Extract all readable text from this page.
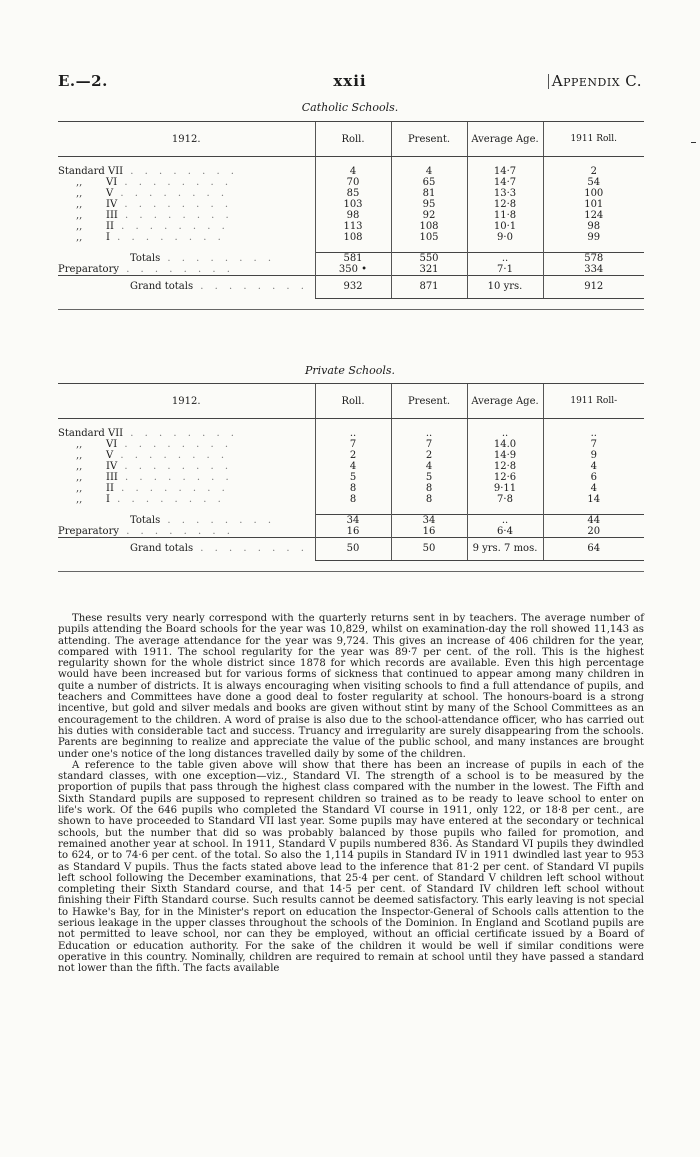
E.—2.	xxii	Appendix C.
Catholic Schools.
1912.	Roll.	Present.	Average Age.	1911 Roll.

Standard VII . . . . . . . .	4	4	14·7	2
,, VI . . . . . . . .	70	65	14·7	54
,, V . . . . . . . .	85	81	13·3	100
,, IV . . . . . . . .	103	95	12·8	101
,, III . . . . . . . .	98	92	11·8	124
,, II . . . . . . . .	113	108	10·1	98
,, I . . . . . . . .	108	105	9·0	99

Totals . . . . . . . .	581	550	..	578
Preparatory . . . . . . . .	350 •	321	7·1	334
Grand totals . . . . . . . .	932	871	10 yrs.	912

Private Schools.
1912.	Roll.	Present.	Average Age.	1911 Roll-

Standard VII . . . . . . . .	..	..	..	..
,, VI . . . . . . . .	7	7	14.0	7
,, V . . . . . . . .	2	2	14·9	9
,, IV . . . . . . . .	4	4	12·8	4
,, III . . . . . . . .	5	5	12·6	6
,, II . . . . . . . .	8	8	9·11	4
,, I . . . . . . . .	8	8	7·8	14

Totals . . . . . . . .	34	34	..	44
Preparatory . . . . . . . .	16	16	6·4	20
Grand totals . . . . . . . .	50	50	9 yrs. 7 mos.	64

These results very nearly correspond with the quarterly returns sent in by teachers. The average number of pupils attending the Board schools for the year was 10,829, whilst on examination-day the roll showed 11,143 as attending. The average attendance for the year was 9,724. This gives an increase of 406 children for the year, compared with 1911. The school regularity for the year was 89·7 per cent. of the roll. This is the highest regularity shown for the whole district since 1878 for which records are available. Even this high percentage would have been increased but for various forms of sickness that continued to appear among many children in quite a number of districts. It is always encouraging when visiting schools to find a full attendance of pupils, and teachers and Committees have done a good deal to foster regularity at school. The honours-board is a strong incentive, but gold and silver medals and books are given without stint by many of the School Committees as an encouragement to the children. A word of praise is also due to the school-attendance officer, who has carried out his duties with considerable tact and success. Truancy and irregularity are surely disappearing from the schools. Parents are beginning to realize and appreciate the value of the public school, and many instances are brought under one's notice of the long distances travelled daily by some of the children.

A reference to the table given above will show that there has been an increase of pupils in each of the standard classes, with one exception—viz., Standard VI. The strength of a school is to be measured by the proportion of pupils that pass through the highest class compared with the number in the lowest. The Fifth and Sixth Standard pupils are supposed to represent children so trained as to be ready to leave school to enter on life's work. Of the 646 pupils who completed the Standard VI course in 1911, only 122, or 18·8 per cent., are shown to have proceeded to Standard VII last year. Some pupils may have entered at the secondary or technical schools, but the number that did so was probably balanced by those pupils who failed for promotion, and remained another year at school. In 1911, Standard V pupils numbered 836. As Standard VI pupils they dwindled to 624, or to 74·6 per cent. of the total. So also the 1,114 pupils in Standard IV in 1911 dwindled last year to 953 as Standard V pupils. Thus the facts stated above lead to the inference that 81·2 per cent. of Standard VI pupils left school following the December examinations, that 25·4 per cent. of Standard V children left school without completing their Sixth Standard course, and that 14·5 per cent. of Standard IV children left school without finishing their Fifth Standard course. Such results cannot be deemed satisfactory. This early leaving is not special to Hawke's Bay, for in the Minister's report on education the Inspector-General of Schools calls attention to the serious leakage in the upper classes throughout the schools of the Dominion. In England and Scotland pupils are not permitted to leave school, nor can they be employed, without an official certificate issued by a Board of Education or education authority. For the sake of the children it would be well if similar conditions were operative in this country. Nominally, children are required to remain at school until they have passed a standard not lower than the fifth. The facts available
